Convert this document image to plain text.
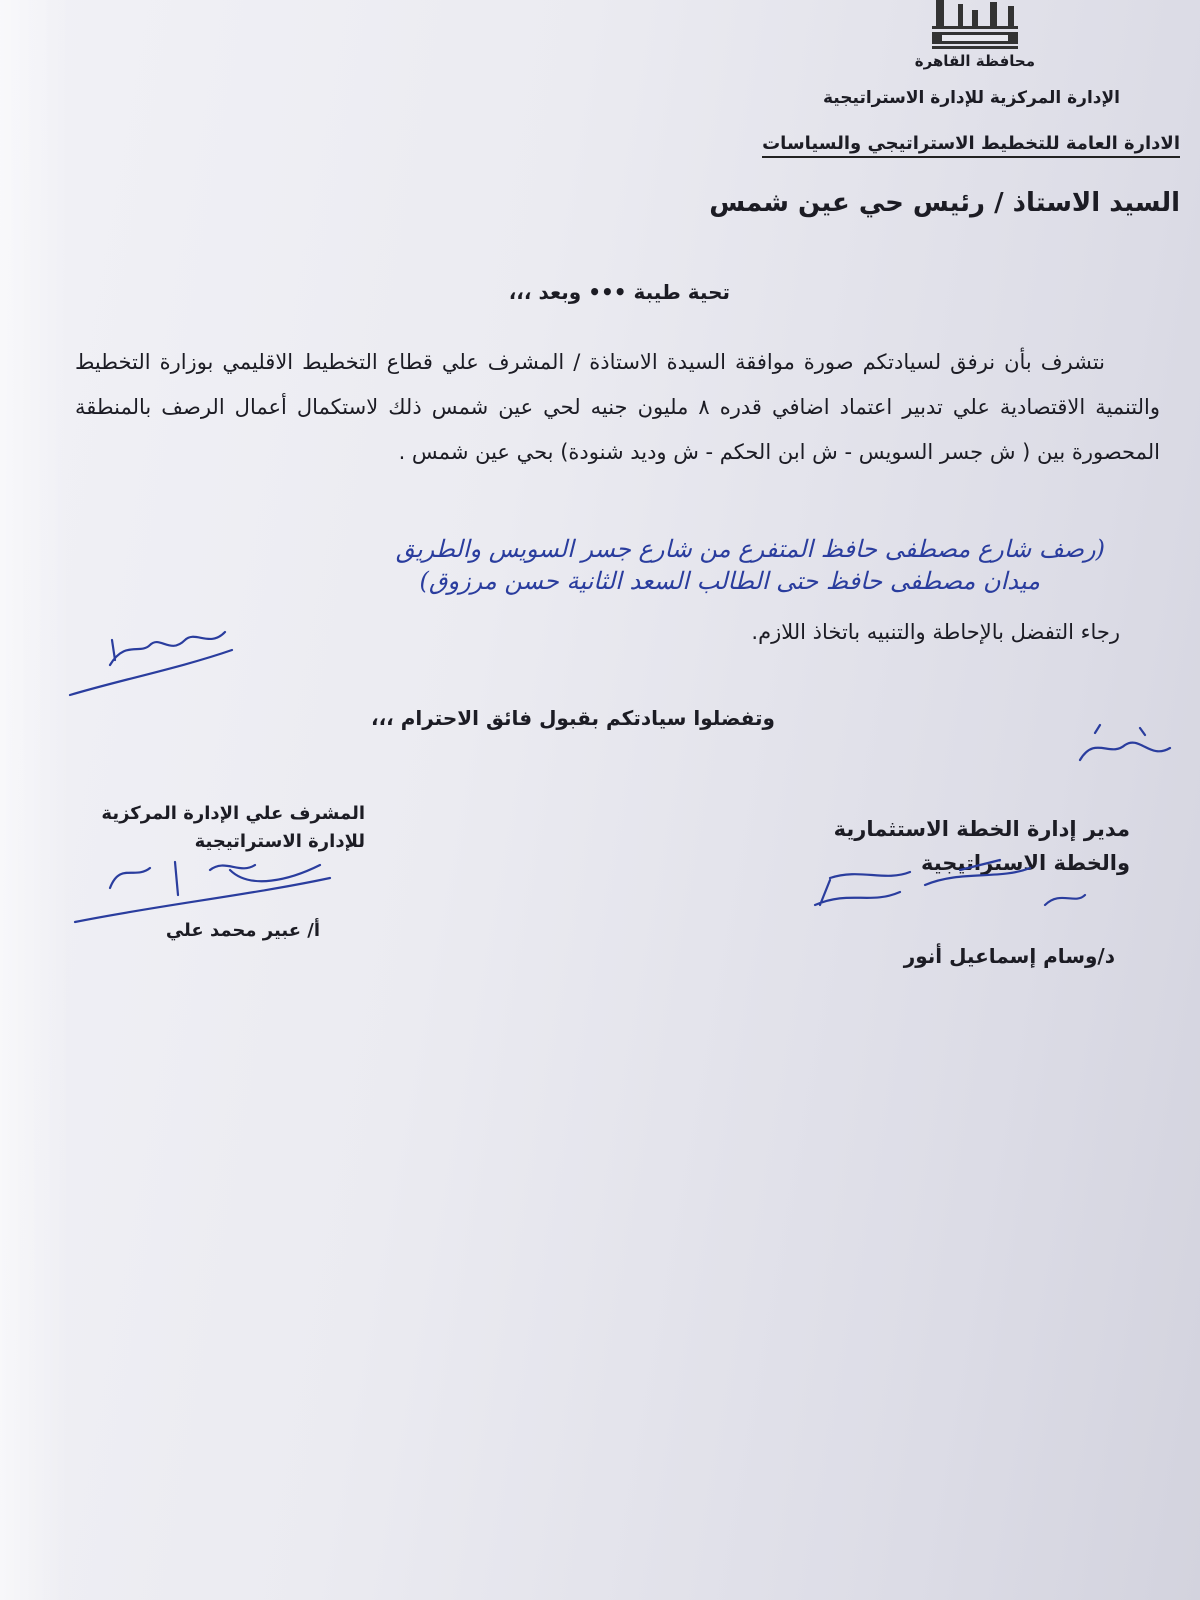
محافظة القاهرة
الإدارة المركزية للإدارة الاستراتيجية
الادارة العامة للتخطيط الاستراتيجي والسياسات
السيد الاستاذ / رئيس حي عين شمس
تحية طيبة ••• وبعد ،،،
نتشرف بأن نرفق لسيادتكم صورة موافقة السيدة الاستاذة / المشرف علي قطاع التخطيط الاقليمي بوزارة التخطيط والتنمية الاقتصادية علي تدبير اعتماد اضافي قدره ٨ مليون جنيه لحي عين شمس ذلك لاستكمال أعمال الرصف بالمنطقة المحصورة بين ( ش جسر السويس - ش ابن الحكم - ش وديد شنودة) بحي عين شمس .
(رصف شارع مصطفى حافظ المتفرع من شارع جسر السويس والطريق
ميدان مصطفى حافظ حتى الطالب السعد الثانية حسن مرزوق)
رجاء التفضل بالإحاطة والتنبيه باتخاذ اللازم.
وتفضلوا سيادتكم بقبول فائق الاحترام ،،،
المشرف علي الإدارة المركزية
للإدارة الاستراتيجية
أ/ عبير محمد علي
مدير إدارة الخطة الاستثمارية
والخطة الاستراتيجية
د/وسام إسماعيل أنور
